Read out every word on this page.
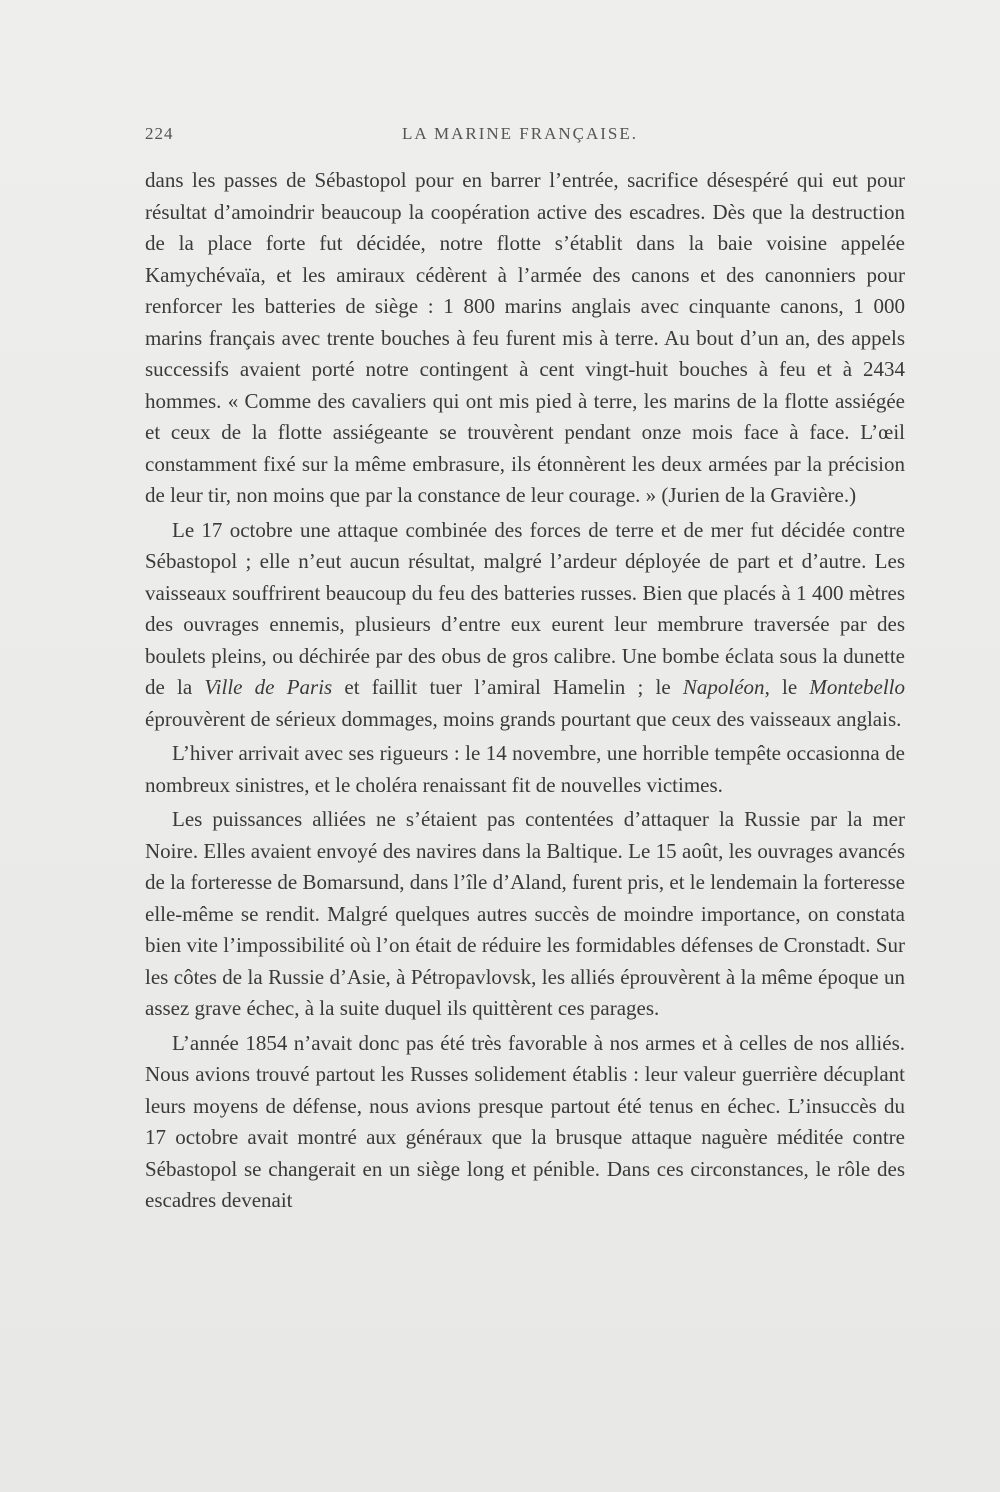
224	LA MARINE FRANÇAISE.

dans les passes de Sébastopol pour en barrer l’entrée, sacrifice désespéré qui eut pour résultat d’amoindrir beaucoup la coopération active des escadres. Dès que la destruction de la place forte fut décidée, notre flotte s’établit dans la baie voisine appelée Kamychévaïa, et les amiraux cédèrent à l’armée des canons et des canonniers pour renforcer les batteries de siège : 1 800 marins anglais avec cinquante canons, 1 000 marins français avec trente bouches à feu furent mis à terre. Au bout d’un an, des appels successifs avaient porté notre contingent à cent vingt-huit bouches à feu et à 2434 hommes. « Comme des cavaliers qui ont mis pied à terre, les marins de la flotte assiégée et ceux de la flotte assiégeante se trouvèrent pendant onze mois face à face. L’œil constamment fixé sur la même embrasure, ils étonnèrent les deux armées par la précision de leur tir, non moins que par la constance de leur courage. » (Jurien de la Gravière.)

Le 17 octobre une attaque combinée des forces de terre et de mer fut décidée contre Sébastopol ; elle n’eut aucun résultat, malgré l’ardeur déployée de part et d’autre. Les vaisseaux souffrirent beaucoup du feu des batteries russes. Bien que placés à 1 400 mètres des ouvrages ennemis, plusieurs d’entre eux eurent leur membrure traversée par des boulets pleins, ou déchirée par des obus de gros calibre. Une bombe éclata sous la dunette de la Ville de Paris et faillit tuer l’amiral Hamelin ; le Napoléon, le Montebello éprouvèrent de sérieux dommages, moins grands pourtant que ceux des vaisseaux anglais.

L’hiver arrivait avec ses rigueurs : le 14 novembre, une horrible tempête occasionna de nombreux sinistres, et le choléra renaissant fit de nouvelles victimes.

Les puissances alliées ne s’étaient pas contentées d’attaquer la Russie par la mer Noire. Elles avaient envoyé des navires dans la Baltique. Le 15 août, les ouvrages avancés de la forteresse de Bomarsund, dans l’île d’Aland, furent pris, et le lendemain la forteresse elle-même se rendit. Malgré quelques autres succès de moindre importance, on constata bien vite l’impossibilité où l’on était de réduire les formidables défenses de Cronstadt. Sur les côtes de la Russie d’Asie, à Pétropavlovsk, les alliés éprouvèrent à la même époque un assez grave échec, à la suite duquel ils quittèrent ces parages.

L’année 1854 n’avait donc pas été très favorable à nos armes et à celles de nos alliés. Nous avions trouvé partout les Russes solidement établis : leur valeur guerrière décuplant leurs moyens de défense, nous avions presque partout été tenus en échec. L’insuccès du 17 octobre avait montré aux généraux que la brusque attaque naguère méditée contre Sébastopol se changerait en un siège long et pénible. Dans ces circonstances, le rôle des escadres devenait
